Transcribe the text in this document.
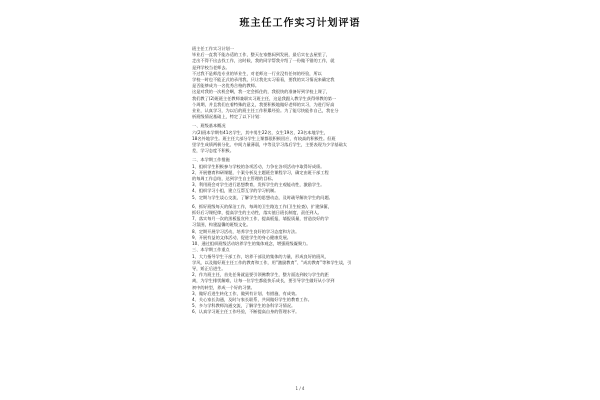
班主任工作实习计划评语
班主任工作实习计划一
毕业后一直我不能办适的工作，整天在家憋闷到发展，最后实在去屋里了，
走出不得不出去找工作，这时候，我的同学帮我介绍了一份做不错的工作，就
是到学校当老师去。
不过我不是师范专业的毕业生，对老师这一行业没有任何的经验，所以
学校一时也不能正式的录用我，只让我先实习看看，要我的实习情况来确定我
是否能够成为一名优秀合格的教师。
这是对我的一次机会啊，我一定会抓住的，我很快的准备好到学校上课了，
我们教了(2)班班主任教师兼职实习班主任，这是我跟入教学生获得带教的第一
个周期，并且我们在着特殊的意义，我要积极地做好老师的实习，为进行好高
业业，认真学习，为以后的班主任工作积累经验。为了能尽快能作自己，我在分
析班级情况基础上，特定了以下计划：
一、班级基本概况
六(2)班本学期有41名学生，其中男生22名，女生19名，23名本地学生，
18名外地学生。班主任大部分学生上课都很积极回应，有较高的积极性。但班
里学生成绩两极分化、中间力量薄弱，中等及学习落后学生，主要表现为少学基础太
差，学习态度不积极。
二、本学期工作措施
1、组织学生积极参与学校的各项活动，力争在各项活动中取得好成绩。
2、开展德育和研课题，个案分析及主题班会课程学习，确定由班干部工程
的每周工作总结，达到学生自主管理的目标。
3、利用班会对学生进行思想教育，发挥学生的主观能动性，激励学生。
4、组织学习小组，建立互帮互学的学习机制。
5、定期与学生谈心交流，了解学生的思想动态，及时疏导解决学生的问题。
6、抓好班级每天的保洁工作，每周的卫生路边工作(卫生检查)，扩建绿篱，
抓好后习课纪律，提高学生的主动性，落实值日班长制度，责任到人。
7、落实每月一次的黑板报宣传工作，提高板报，墙报质量，营造良好的学
习氛围，构建温馨的班级文化。
8、定期开展学习活动，培养学生良好的学习态度和方法。
9、开展有益的文体活动，促进学生的身心健康发展。
10、通过组织班级活动培养学生的集体观念，增强班级凝聚力。
三、本学期工作重点
1、大力指导学生干部工作，培养干部及的集体的力量，形成良好的班风，
学风，以及做好班主任工作的教育和工作，用“激励教育”、“成功教育”等和学生谈，引
导，矫正后进生。
2、作为班主任，首先任务就是要引领佛教学生，整方面达到较与学生的距
离，为学生排忧解难，让每一位学生都能快乐成长，要引导学生做好从小学到
初中的转型，养成一个好的习惯。
3、做好后进生转化工作，做到有计划、有措施、有成效。
4、关心家长沟通，及时与家长联系，共同做好学生的教育工作。
5、多与学科教师沟通交流，了解学生的各科学习情况。
6、认真学习班主任工作经验，不断提高自身的管理水平。
1 / 4
